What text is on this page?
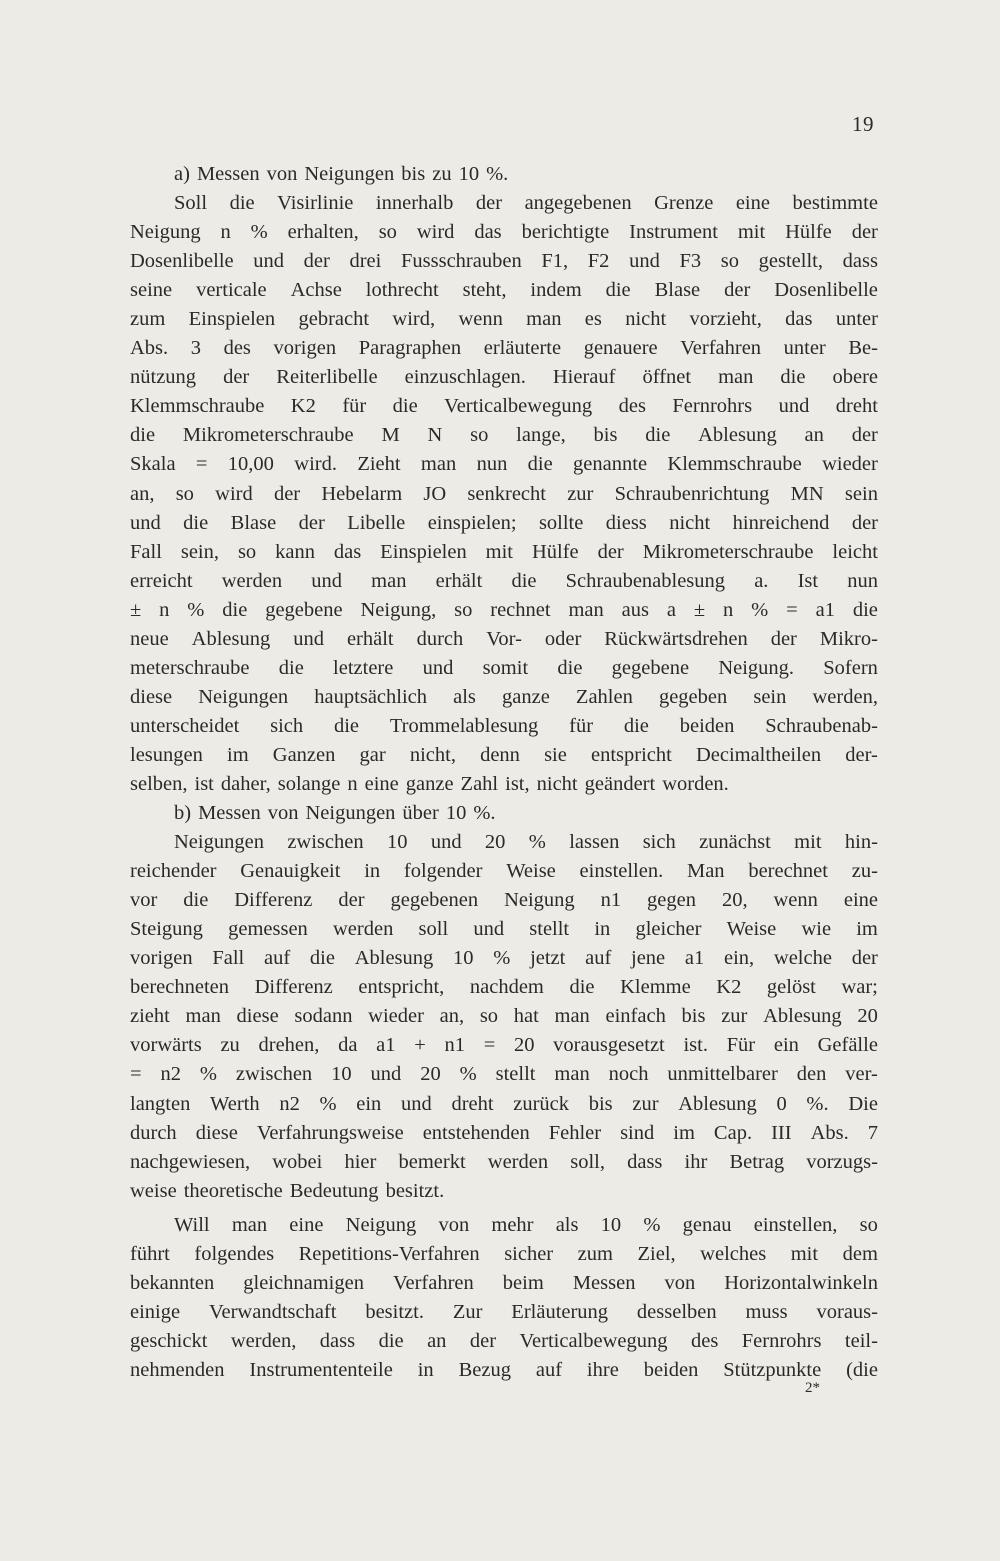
19
a) Messen von Neigungen bis zu 10 %.
Soll die Visirlinie innerhalb der angegebenen Grenze eine bestimmte
Neigung n % erhalten, so wird das berichtigte Instrument mit Hülfe der
Dosenlibelle und der drei Fussschrauben F1, F2 und F3 so gestellt, dass
seine verticale Achse lothrecht steht, indem die Blase der Dosenlibelle
zum Einspielen gebracht wird, wenn man es nicht vorzieht, das unter
Abs. 3 des vorigen Paragraphen erläuterte genauere Verfahren unter Be-
nützung der Reiterlibelle einzuschlagen. Hierauf öffnet man die obere
Klemmschraube K2 für die Verticalbewegung des Fernrohrs und dreht
die Mikrometerschraube M N so lange, bis die Ablesung an der
Skala = 10,00 wird. Zieht man nun die genannte Klemmschraube wieder
an, so wird der Hebelarm JO senkrecht zur Schraubenrichtung MN sein
und die Blase der Libelle einspielen; sollte diess nicht hinreichend der
Fall sein, so kann das Einspielen mit Hülfe der Mikrometerschraube leicht
erreicht werden und man erhält die Schraubenablesung a. Ist nun
± n % die gegebene Neigung, so rechnet man aus a ± n % = a1 die
neue Ablesung und erhält durch Vor- oder Rückwärtsdrehen der Mikro-
meterschraube die letztere und somit die gegebene Neigung. Sofern
diese Neigungen hauptsächlich als ganze Zahlen gegeben sein werden,
unterscheidet sich die Trommelablesung für die beiden Schraubenab-
lesungen im Ganzen gar nicht, denn sie entspricht Decimaltheilen der-
selben, ist daher, solange n eine ganze Zahl ist, nicht geändert worden.
b) Messen von Neigungen über 10 %.
Neigungen zwischen 10 und 20 % lassen sich zunächst mit hin-
reichender Genauigkeit in folgender Weise einstellen. Man berechnet zu-
vor die Differenz der gegebenen Neigung n1 gegen 20, wenn eine
Steigung gemessen werden soll und stellt in gleicher Weise wie im
vorigen Fall auf die Ablesung 10 % jetzt auf jene a1 ein, welche der
berechneten Differenz entspricht, nachdem die Klemme K2 gelöst war;
zieht man diese sodann wieder an, so hat man einfach bis zur Ablesung 20
vorwärts zu drehen, da a1 + n1 = 20 vorausgesetzt ist. Für ein Gefälle
= n2 % zwischen 10 und 20 % stellt man noch unmittelbarer den ver-
langten Werth n2 % ein und dreht zurück bis zur Ablesung 0 %. Die
durch diese Verfahrungsweise entstehenden Fehler sind im Cap. III Abs. 7
nachgewiesen, wobei hier bemerkt werden soll, dass ihr Betrag vorzugs-
weise theoretische Bedeutung besitzt.
Will man eine Neigung von mehr als 10 % genau einstellen, so
führt folgendes Repetitions-Verfahren sicher zum Ziel, welches mit dem
bekannten gleichnamigen Verfahren beim Messen von Horizontalwinkeln
einige Verwandtschaft besitzt. Zur Erläuterung desselben muss voraus-
geschickt werden, dass die an der Verticalbewegung des Fernrohrs teil-
nehmenden Instrumententeile in Bezug auf ihre beiden Stützpunkte (die
2*
